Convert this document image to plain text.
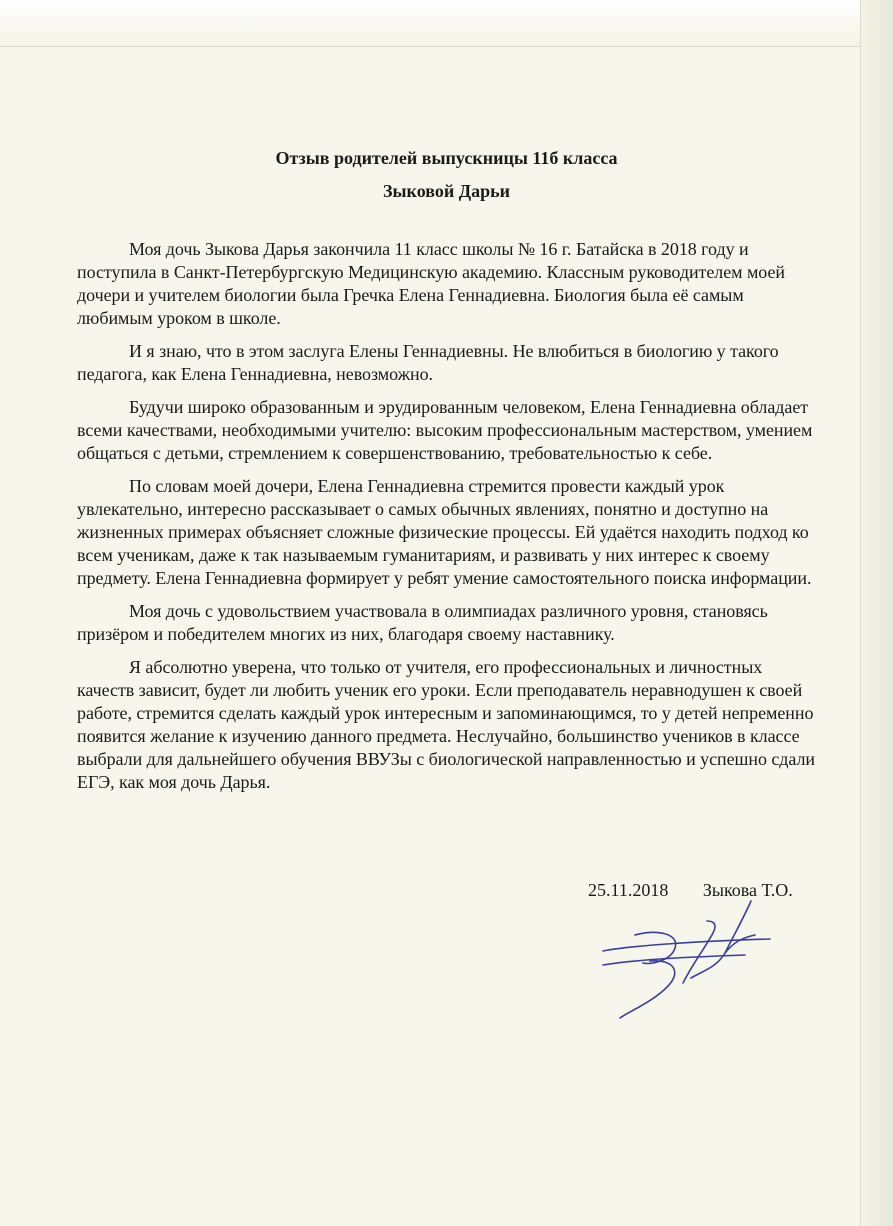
Отзыв родителей выпускницы 11б класса
Зыковой Дарьи

Моя дочь Зыкова Дарья закончила 11 класс школы № 16 г. Батайска в 2018 году и поступила в Санкт-Петербургскую Медицинскую академию. Классным руководителем моей дочери и учителем биологии была Гречка Елена Геннадиевна. Биология была её самым любимым уроком в школе.

И я знаю, что в этом заслуга Елены Геннадиевны. Не влюбиться в биологию у такого педагога, как Елена Геннадиевна, невозможно.

Будучи широко образованным и эрудированным человеком, Елена Геннадиевна обладает всеми качествами, необходимыми учителю: высоким профессиональным мастерством, умением общаться с детьми, стремлением к совершенствованию, требовательностью к себе.

По словам моей дочери, Елена Геннадиевна стремится провести каждый урок увлекательно, интересно рассказывает о самых обычных явлениях, понятно и доступно на жизненных примерах объясняет сложные физические процессы. Ей удаётся находить подход ко всем ученикам, даже к так называемым гуманитариям, и развивать у них интерес к своему предмету. Елена Геннадиевна формирует у ребят умение самостоятельного поиска информации.

Моя дочь с удовольствием участвовала в олимпиадах различного уровня, становясь призёром и победителем многих из них, благодаря своему наставнику.

Я абсолютно уверена, что только от учителя, его профессиональных и личностных качеств зависит, будет ли любить ученик его уроки. Если преподаватель неравнодушен к своей работе, стремится сделать каждый урок интересным и запоминающимся, то у детей непременно появится желание к изучению данного предмета. Неслучайно, большинство учеников в классе выбрали для дальнейшего обучения ВВУЗы с биологической направленностью и успешно сдали ЕГЭ, как моя дочь Дарья.

25.11.2018 Зыкова Т.О.
